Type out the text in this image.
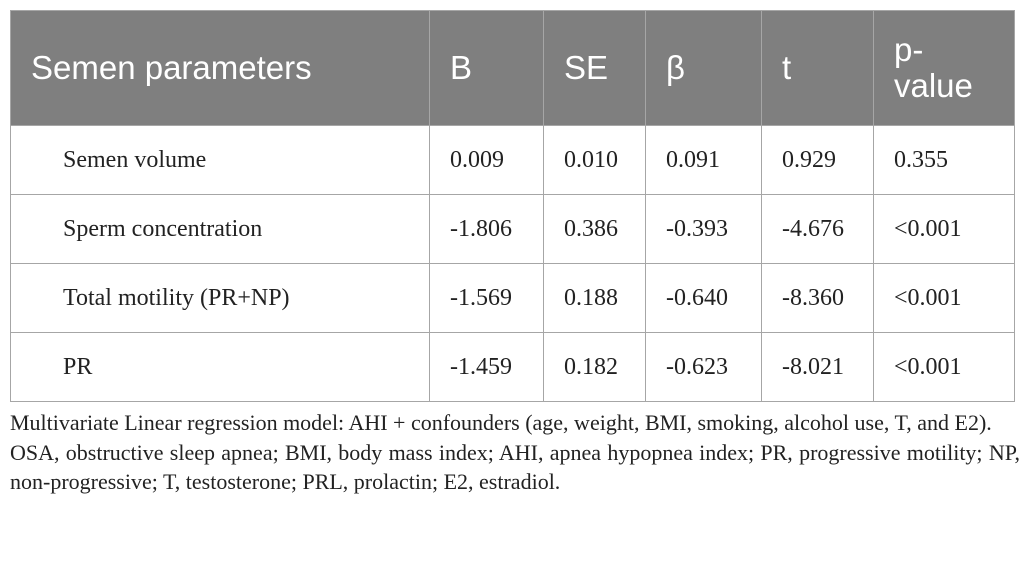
Semen parameters	B	SE	β	t	p-value
Semen volume	0.009	0.010	0.091	0.929	0.355
Sperm concentration	-1.806	0.386	-0.393	-4.676	<0.001
Total motility (PR+NP)	-1.569	0.188	-0.640	-8.360	<0.001
PR	-1.459	0.182	-0.623	-8.021	<0.001

Multivariate Linear regression model: AHI + confounders (age, weight, BMI, smoking, alcohol use, T, and E2).

OSA, obstructive sleep apnea; BMI, body mass index; AHI, apnea hypopnea index; PR, progressive motility; NP, non-progressive; T, testosterone; PRL, prolactin; E2, estradiol.
